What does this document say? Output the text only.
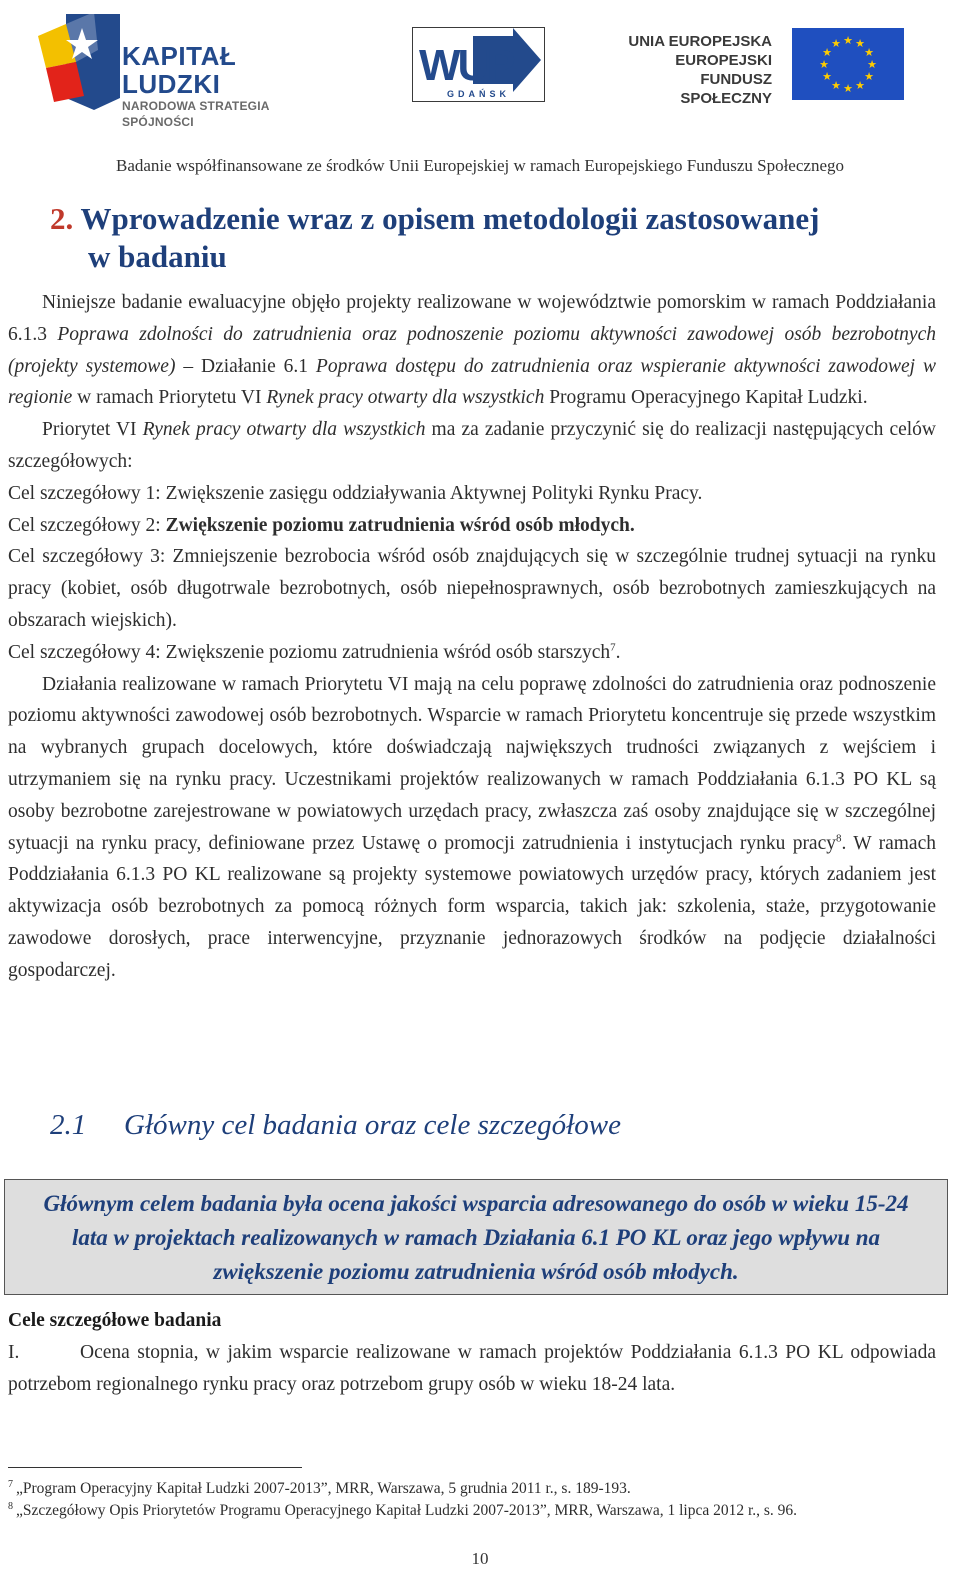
KAPITAŁ LUDZKI
NARODOWA STRATEGIA SPÓJNOŚCI
WUP
GDAŃSK
UNIA EUROPEJSKA
EUROPEJSKI
FUNDUSZ SPOŁECZNY
★ ★
★
★
★
★
★
★
★
★
★
★
Badanie współfinansowane ze środków Unii Europejskiej w ramach Europejskiego Funduszu Społecznego
2. Wprowadzenie wraz z opisem metodologii zastosowanej
w badaniu

Niniejsze badanie ewaluacyjne objęło projekty realizowane w województwie pomorskim w ramach Poddziałania 6.1.3 Poprawa zdolności do zatrudnienia oraz podnoszenie poziomu aktywności zawodowej osób bezrobotnych (projekty systemowe) – Działanie 6.1 Poprawa dostępu do zatrudnienia oraz wspieranie aktywności zawodowej w regionie w ramach Priorytetu VI Rynek pracy otwarty dla wszystkich Programu Operacyjnego Kapitał Ludzki.

Priorytet VI Rynek pracy otwarty dla wszystkich ma za zadanie przyczynić się do realizacji następujących celów szczegółowych:

Cel szczegółowy 1: Zwiększenie zasięgu oddziaływania Aktywnej Polityki Rynku Pracy.

Cel szczegółowy 2: Zwiększenie poziomu zatrudnienia wśród osób młodych.

Cel szczegółowy 3: Zmniejszenie bezrobocia wśród osób znajdujących się w szczególnie trudnej sytuacji na rynku pracy (kobiet, osób długotrwale bezrobotnych, osób niepełnosprawnych, osób bezrobotnych zamieszkujących na obszarach wiejskich).

Cel szczegółowy 4: Zwiększenie poziomu zatrudnienia wśród osób starszych$^7$.

Działania realizowane w ramach Priorytetu VI mają na celu poprawę zdolności do zatrudnienia oraz podnoszenie poziomu aktywności zawodowej osób bezrobotnych. Wsparcie w ramach Priorytetu koncentruje się przede wszystkim na wybranych grupach docelowych, które doświadczają największych trudności związanych z wejściem i utrzymaniem się na rynku pracy. Uczestnikami projektów realizowanych w ramach Poddziałania 6.1.3 PO KL są osoby bezrobotne zarejestrowane w powiatowych urzędach pracy, zwłaszcza zaś osoby znajdujące się w szczególnej sytuacji na rynku pracy, definiowane przez Ustawę o promocji zatrudnienia i instytucjach rynku pracy$^8$. W ramach Poddziałania 6.1.3 PO KL realizowane są projekty systemowe powiatowych urzędów pracy, których zadaniem jest aktywizacja osób bezrobotnych za pomocą różnych form wsparcia, takich jak: szkolenia, staże, przygotowanie zawodowe dorosłych, prace interwencyjne, przyznanie jednorazowych środków na podjęcie działalności gospodarczej.

2.1 Główny cel badania oraz cele szczegółowe
Głównym celem badania była ocena jakości wsparcia adresowanego do osób w wieku 15-24 lata w projektach realizowanych w ramach Działania 6.1 PO KL oraz jego wpływu na zwiększenie poziomu zatrudnienia wśród osób młodych.
Cele szczegółowe badania

I.	Ocena stopnia, w jakim wsparcie realizowane w ramach projektów Poddziałania 6.1.3 PO KL odpowiada potrzebom regionalnego rynku pracy oraz potrzebom grupy osób w wieku 18-24 lata.

$^7$ „Program Operacyjny Kapitał Ludzki 2007-2013”, MRR, Warszawa, 5 grudnia 2011 r., s. 189-193.
$^8$ „Szczegółowy Opis Priorytetów Programu Operacyjnego Kapitał Ludzki 2007-2013”, MRR, Warszawa, 1 lipca 2012 r., s. 96.
10
